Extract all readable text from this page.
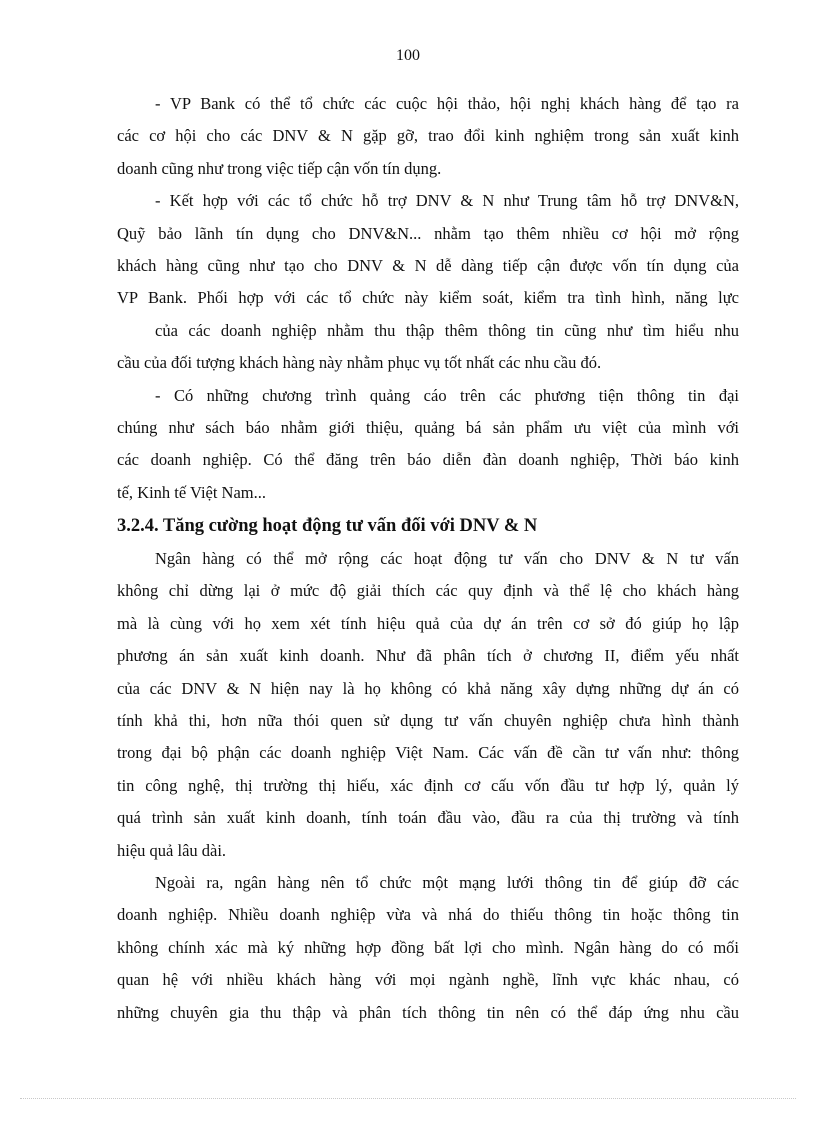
100
- VP Bank có thể tổ chức các cuộc hội thảo, hội nghị khách hàng để tạo ra
các cơ hội cho các DNV & N gặp gỡ, trao đổi kinh nghiệm trong sản xuất kinh
doanh cũng như trong việc tiếp cận vốn tín dụng.
- Kết hợp với các tổ chức hỗ trợ DNV & N như Trung tâm hỗ trợ DNV&N,
Quỹ bảo lãnh tín dụng cho DNV&N... nhằm tạo thêm nhiều cơ hội mở rộng
khách hàng cũng như tạo cho DNV & N dễ dàng tiếp cận được vốn tín dụng của
VP Bank. Phối hợp với các tổ chức này kiểm soát, kiểm tra tình hình, năng lực
của các doanh nghiệp nhằm thu thập thêm thông tin cũng như tìm hiểu nhu
cầu của đối tượng khách hàng này nhằm phục vụ tốt nhất các nhu cầu đó.
- Có những chương trình quảng cáo trên các phương tiện thông tin đại
chúng như sách báo nhằm giới thiệu, quảng bá sản phẩm ưu việt của mình với
các doanh nghiệp. Có thể đăng trên báo diễn đàn doanh nghiệp, Thời báo kinh
tế, Kinh tế Việt Nam...
3.2.4. Tăng cường hoạt động tư vấn đối với DNV & N
Ngân hàng có thể mở rộng các hoạt động tư vấn cho DNV & N tư vấn
không chỉ dừng lại ở mức độ giải thích các quy định và thể lệ cho khách hàng
mà là cùng với họ xem xét tính hiệu quả của dự án trên cơ sở đó giúp họ lập
phương án sản xuất kinh doanh. Như đã phân tích ở chương II, điểm yếu nhất
của các DNV & N hiện nay là họ không có khả năng xây dựng những dự án có
tính khả thi, hơn nữa thói quen sử dụng tư vấn chuyên nghiệp chưa hình thành
trong đại bộ phận các doanh nghiệp Việt Nam. Các vấn đề cần tư vấn như: thông
tin công nghệ, thị trường thị hiếu, xác định cơ cấu vốn đầu tư hợp lý, quản lý
quá trình sản xuất kinh doanh, tính toán đầu vào, đầu ra của thị trường và tính
hiệu quả lâu dài.
Ngoài ra, ngân hàng nên tổ chức một mạng lưới thông tin để giúp đỡ các
doanh nghiệp. Nhiều doanh nghiệp vừa và nhá do thiếu thông tin hoặc thông tin
không chính xác mà ký những hợp đồng bất lợi cho mình. Ngân hàng do có mối
quan hệ với nhiều khách hàng với mọi ngành nghề, lĩnh vực khác nhau, có
những chuyên gia thu thập và phân tích thông tin nên có thể đáp ứng nhu cầu
